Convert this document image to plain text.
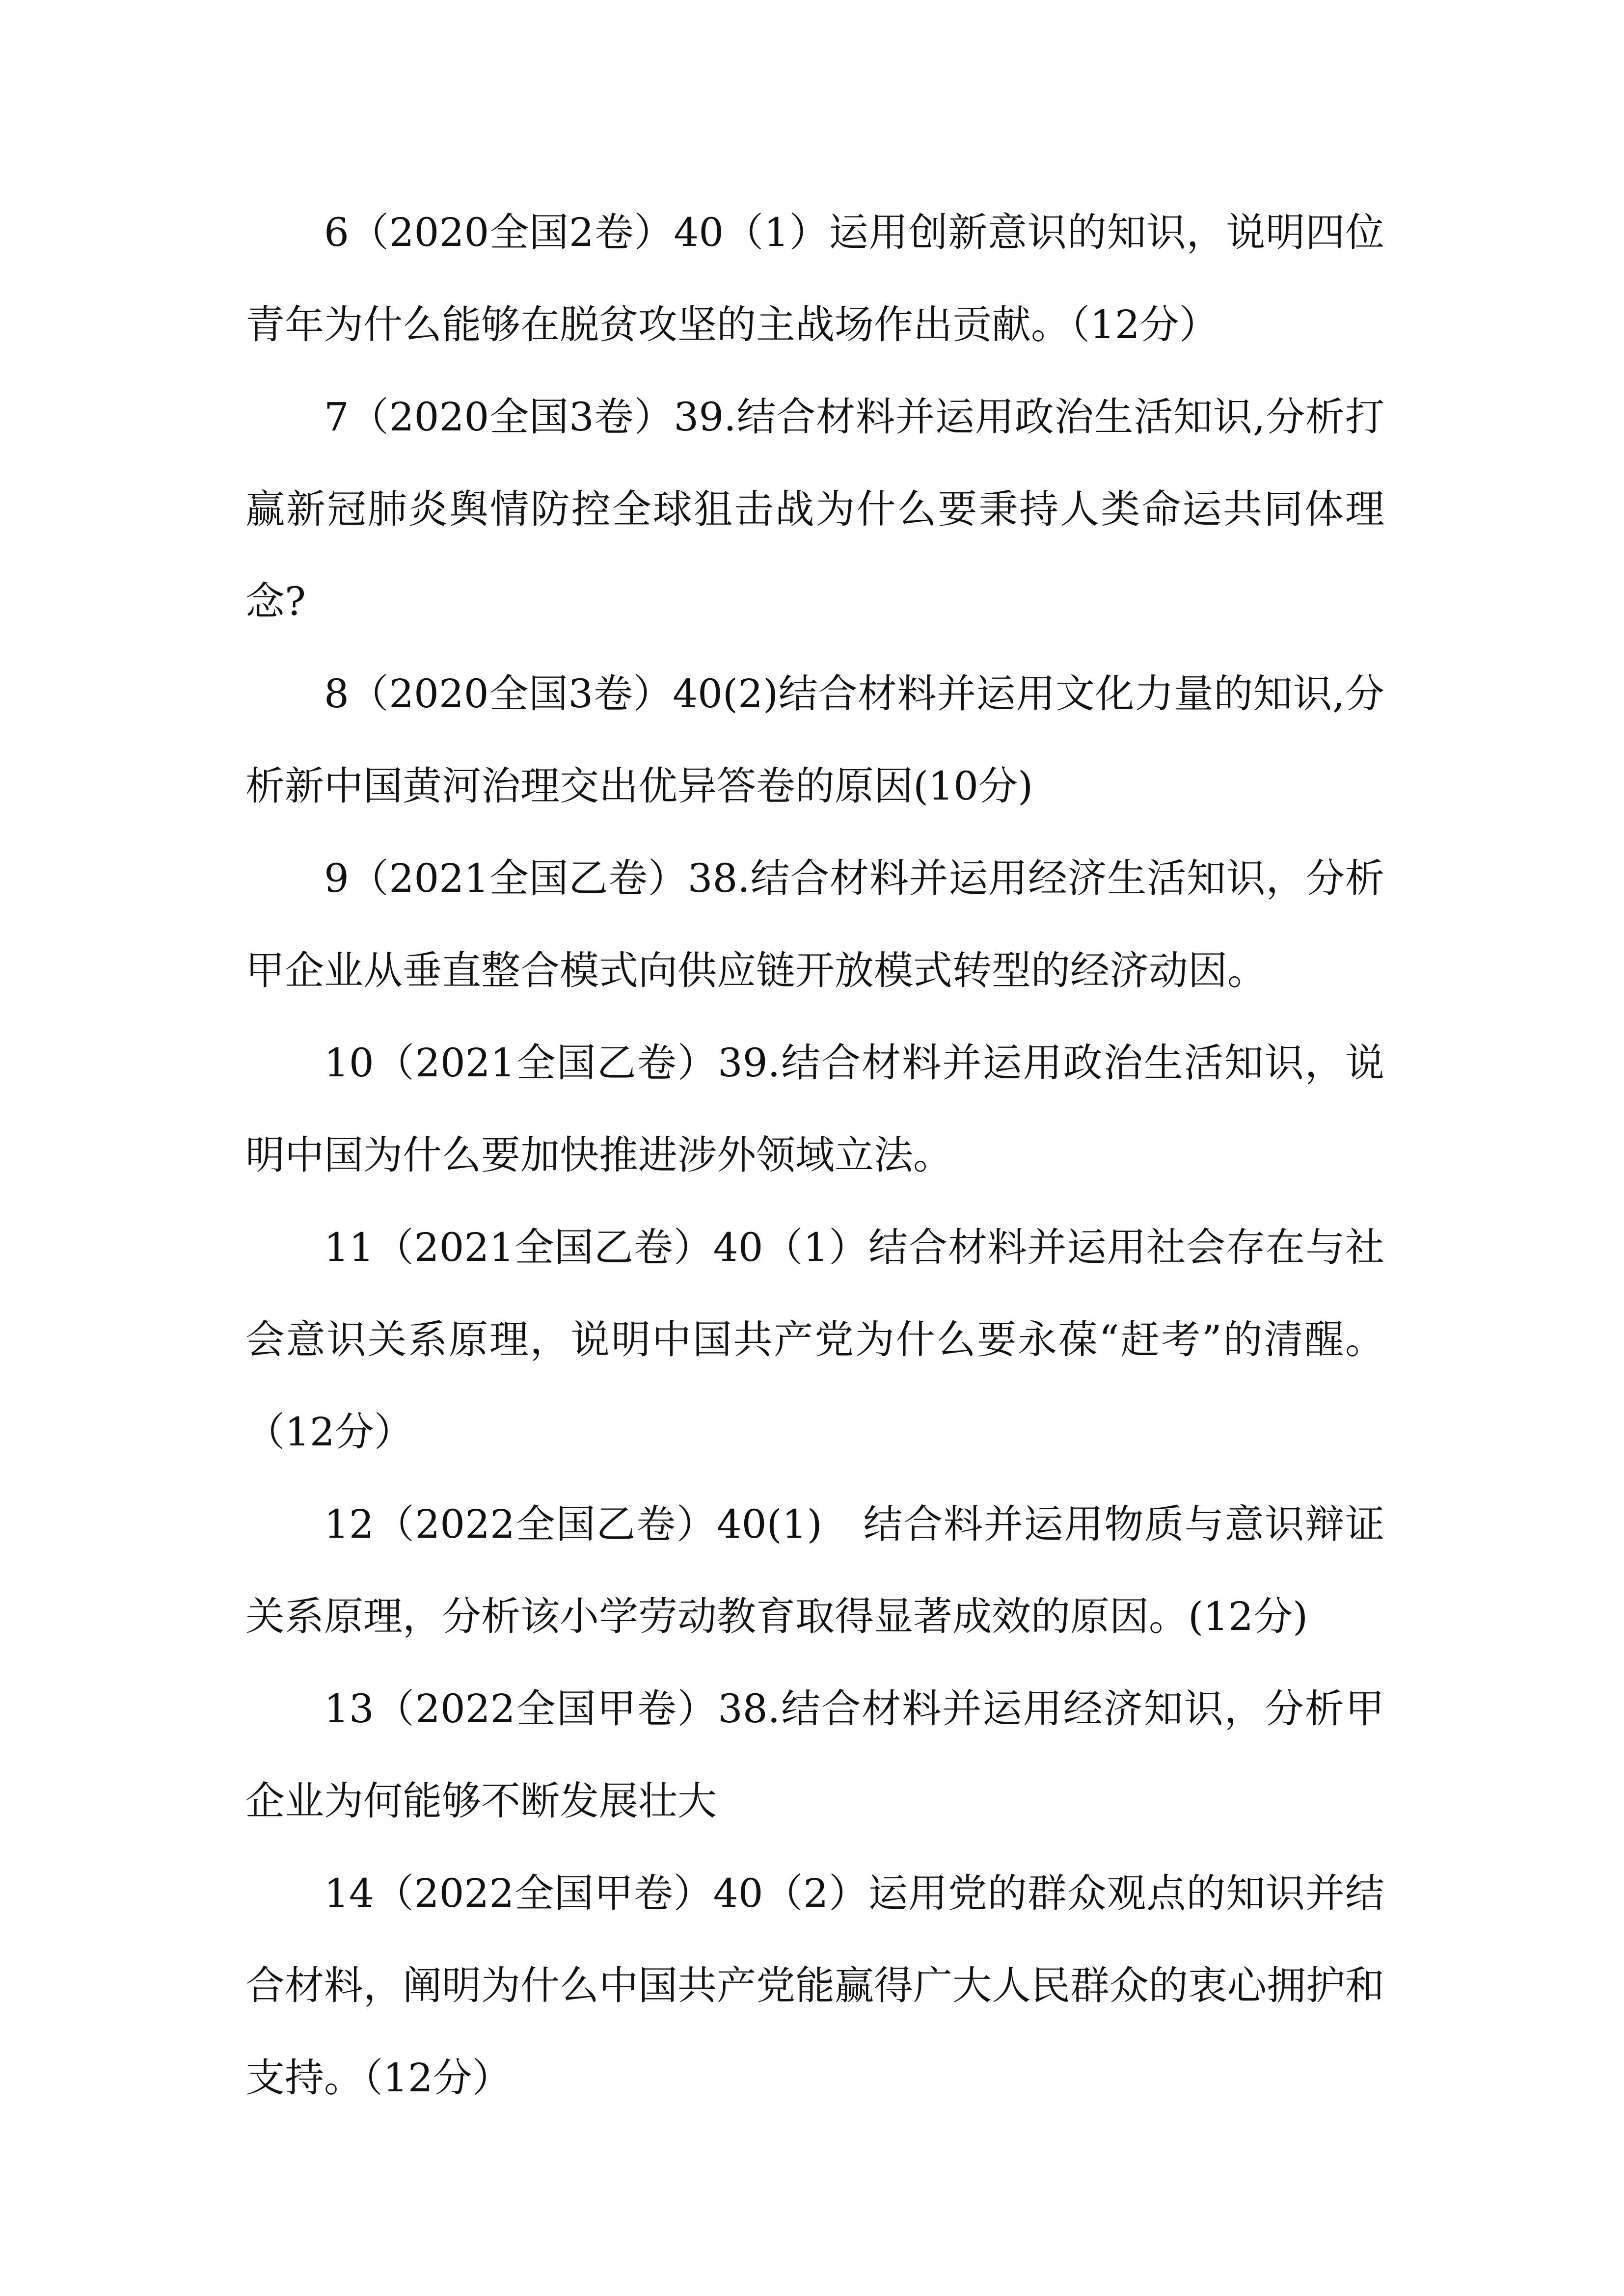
6（2020全国2卷）40（1）运用创新意识的知识，说明四位青年为什么能够在脱贫攻坚的主战场作出贡献。（12分）

7（2020全国3卷）39.结合材料并运用政治生活知识,分析打赢新冠肺炎舆情防控全球狙击战为什么要秉持人类命运共同体理念?

8（2020全国3卷）40(2)结合材料并运用文化力量的知识,分析新中国黄河治理交出优异答卷的原因(10分)

9（2021全国乙卷）38.结合材料并运用经济生活知识，分析甲企业从垂直整合模式向供应链开放模式转型的经济动因。

10（2021全国乙卷）39.结合材料并运用政治生活知识，说明中国为什么要加快推进涉外领域立法。

11（2021全国乙卷）40（1）结合材料并运用社会存在与社会意识关系原理，说明中国共产党为什么要永葆“赶考”的清醒。（12分）

12（2022全国乙卷）40(1)　结合料并运用物质与意识辩证关系原理，分析该小学劳动教育取得显著成效的原因。(12分)

13（2022全国甲卷）38.结合材料并运用经济知识，分析甲企业为何能够不断发展壮大

14（2022全国甲卷）40（2）运用党的群众观点的知识并结合材料，阐明为什么中国共产党能赢得广大人民群众的衷心拥护和支持。（12分）
